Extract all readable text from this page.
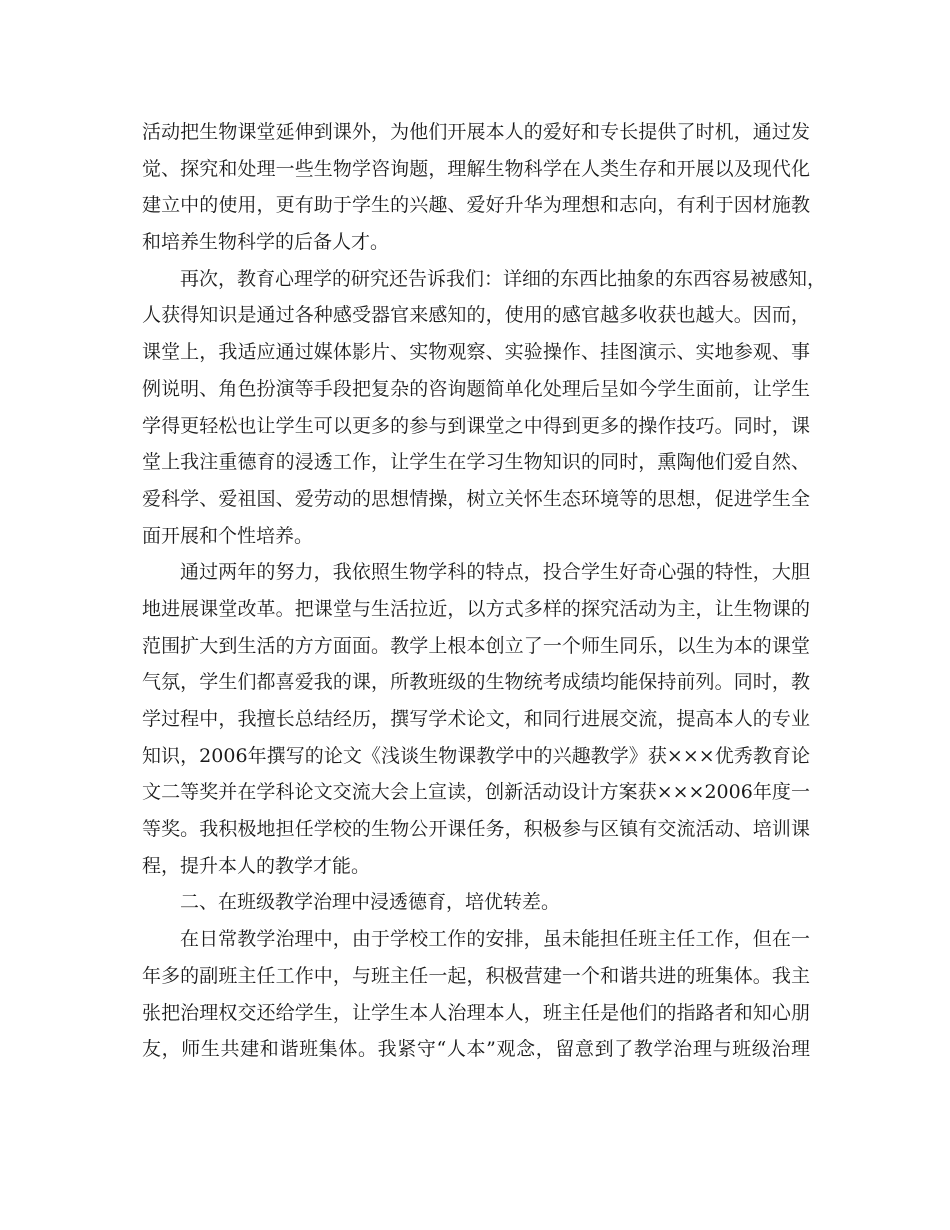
活动把生物课堂延伸到课外，为他们开展本人的爱好和专长提供了时机，通过发
觉、探究和处理一些生物学咨询题，理解生物科学在人类生存和开展以及现代化
建立中的使用，更有助于学生的兴趣、爱好升华为理想和志向，有利于因材施教
和培养生物科学的后备人才。
再次，教育心理学的研究还告诉我们：详细的东西比抽象的东西容易被感知，
人获得知识是通过各种感受器官来感知的，使用的感官越多收获也越大。因而，
课堂上，我适应通过媒体影片、实物观察、实验操作、挂图演示、实地参观、事
例说明、角色扮演等手段把复杂的咨询题简单化处理后呈如今学生面前，让学生
学得更轻松也让学生可以更多的参与到课堂之中得到更多的操作技巧。同时，课
堂上我注重德育的浸透工作，让学生在学习生物知识的同时，熏陶他们爱自然、
爱科学、爱祖国、爱劳动的思想情操，树立关怀生态环境等的思想，促进学生全
面开展和个性培养。
通过两年的努力，我依照生物学科的特点，投合学生好奇心强的特性，大胆
地进展课堂改革。把课堂与生活拉近，以方式多样的探究活动为主，让生物课的
范围扩大到生活的方方面面。教学上根本创立了一个师生同乐，以生为本的课堂
气氛，学生们都喜爱我的课，所教班级的生物统考成绩均能保持前列。同时，教
学过程中，我擅长总结经历，撰写学术论文，和同行进展交流，提高本人的专业
知识，2006年撰写的论文《浅谈生物课教学中的兴趣教学》获×××优秀教育论
文二等奖并在学科论文交流大会上宣读，创新活动设计方案获×××2006年度一
等奖。我积极地担任学校的生物公开课任务，积极参与区镇有交流活动、培训课
程，提升本人的教学才能。
二、在班级教学治理中浸透德育，培优转差。
在日常教学治理中，由于学校工作的安排，虽未能担任班主任工作，但在一
年多的副班主任工作中，与班主任一起，积极营建一个和谐共进的班集体。我主
张把治理权交还给学生，让学生本人治理本人，班主任是他们的指路者和知心朋
友，师生共建和谐班集体。我紧守“人本”观念，留意到了教学治理与班级治理
